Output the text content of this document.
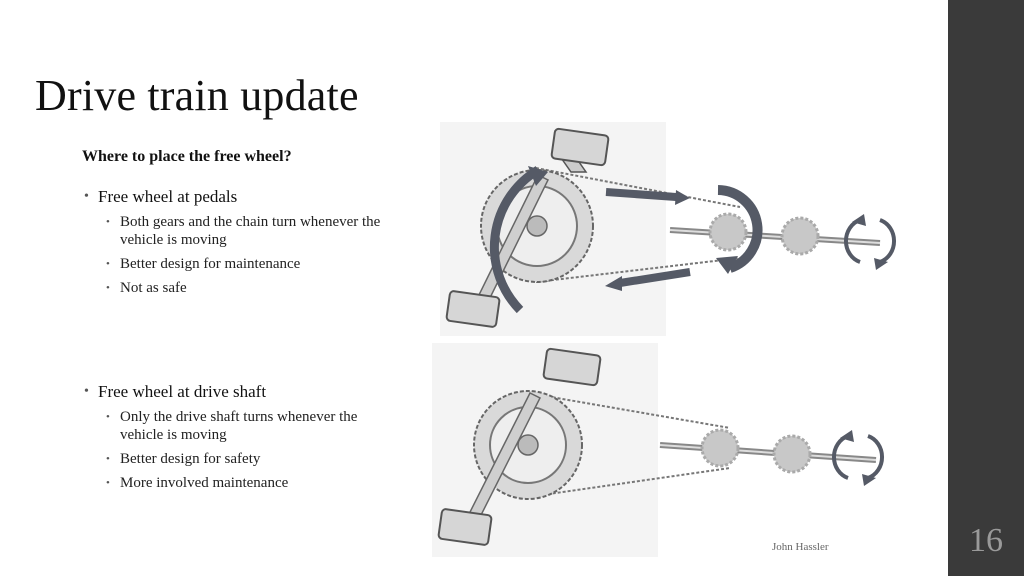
Drive train update
Where to place the free wheel?
• Free wheel at pedals
• Both gears and the chain turn whenever the vehicle is moving
• Better design for maintenance
• Not as safe
• Free wheel at drive shaft
• Only the drive shaft turns whenever the vehicle is moving
• Better design for safety
• More involved maintenance
John Hassler	16
